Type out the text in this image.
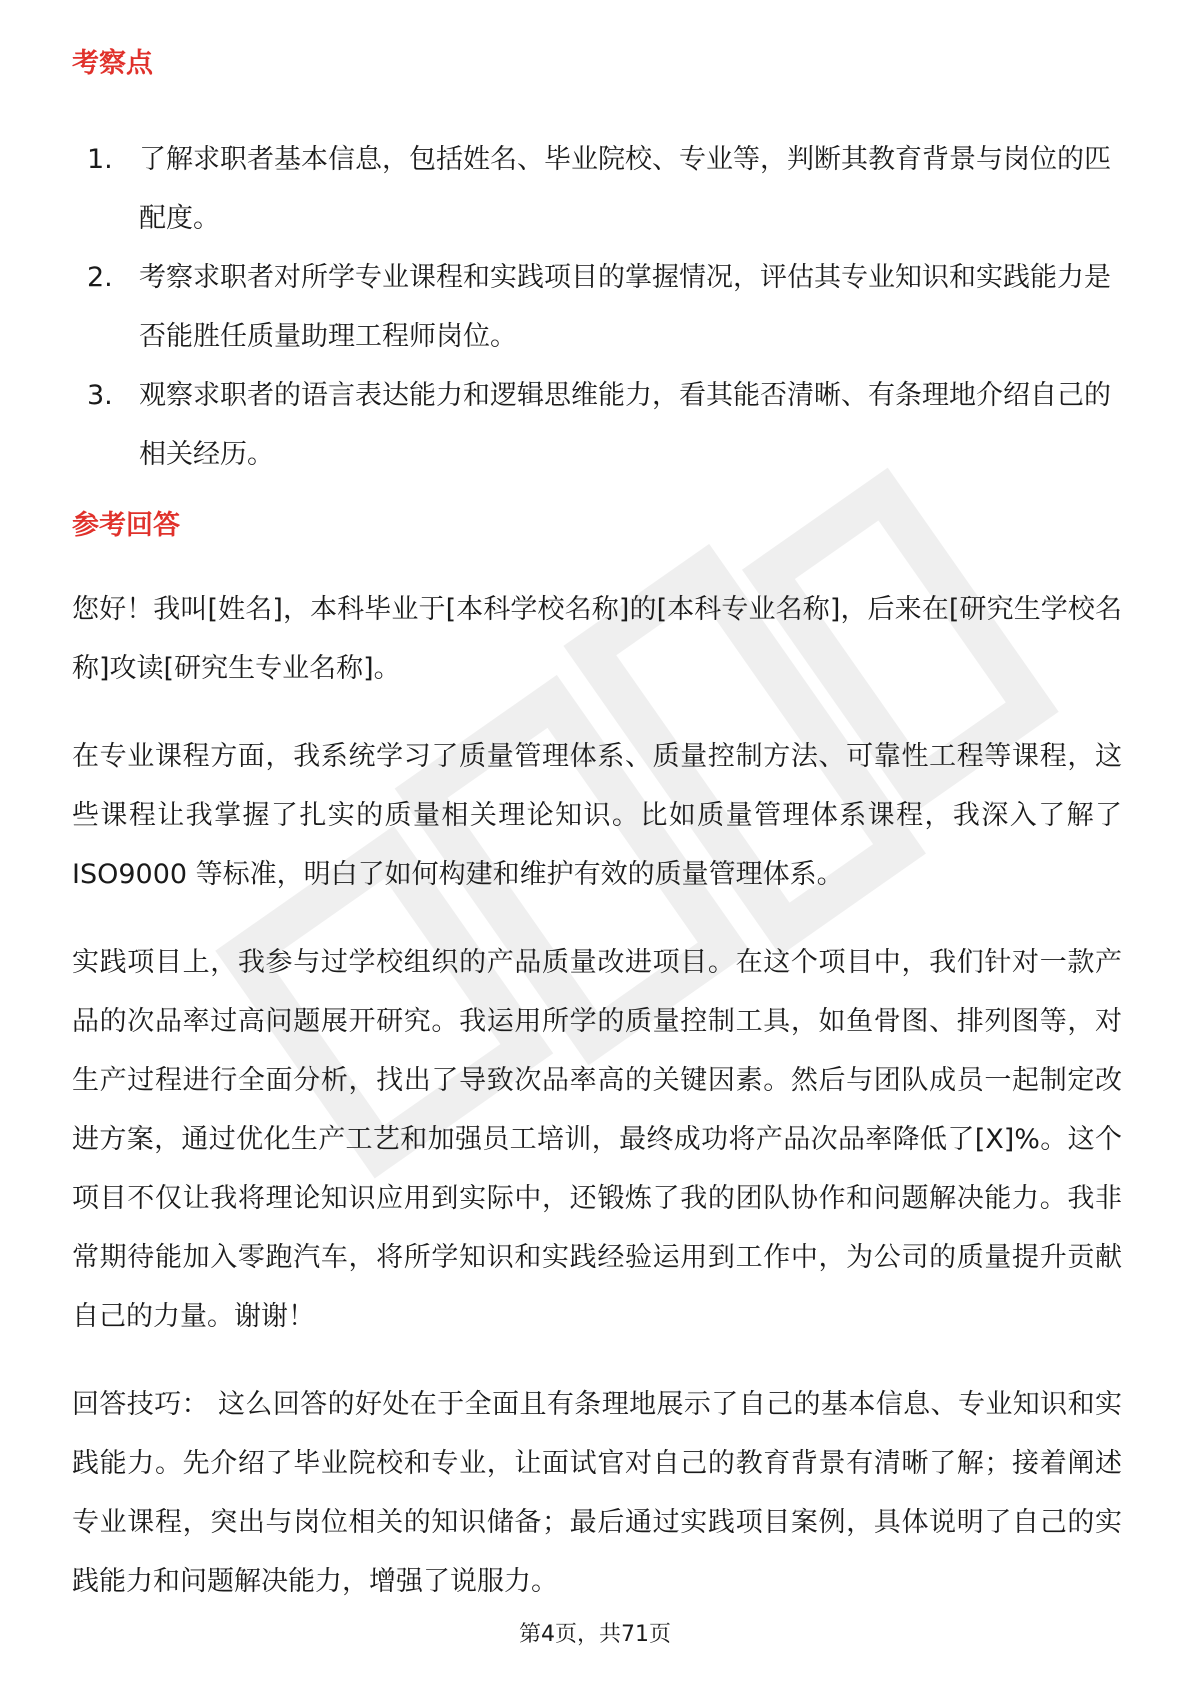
考察点
1. 了解求职者基本信息，包括姓名、毕业院校、专业等，判断其教育背景与岗位的匹配度。
2. 考察求职者对所学专业课程和实践项目的掌握情况，评估其专业知识和实践能力是否能胜任质量助理工程师岗位。
3. 观察求职者的语言表达能力和逻辑思维能力，看其能否清晰、有条理地介绍自己的相关经历。
参考回答

您好！我叫[姓名]，本科毕业于[本科学校名称]的[本科专业名称]，后来在[研究生学校名称]攻读[研究生专业名称]。

在专业课程方面，我系统学习了质量管理体系、质量控制方法、可靠性工程等课程，这些课程让我掌握了扎实的质量相关理论知识。比如质量管理体系课程，我深入了解了 ISO9000 等标准，明白了如何构建和维护有效的质量管理体系。

实践项目上，我参与过学校组织的产品质量改进项目。在这个项目中，我们针对一款产品的次品率过高问题展开研究。我运用所学的质量控制工具，如鱼骨图、排列图等，对生产过程进行全面分析，找出了导致次品率高的关键因素。然后与团队成员一起制定改进方案，通过优化生产工艺和加强员工培训，最终成功将产品次品率降低了[X]%。这个项目不仅让我将理论知识应用到实际中，还锻炼了我的团队协作和问题解决能力。我非常期待能加入零跑汽车，将所学知识和实践经验运用到工作中，为公司的质量提升贡献自己的力量。谢谢！

回答技巧： 这么回答的好处在于全面且有条理地展示了自己的基本信息、专业知识和实践能力。先介绍了毕业院校和专业，让面试官对自己的教育背景有清晰了解；接着阐述专业课程，突出与岗位相关的知识储备；最后通过实践项目案例，具体说明了自己的实践能力和问题解决能力，增强了说服力。

第4页，共71页
